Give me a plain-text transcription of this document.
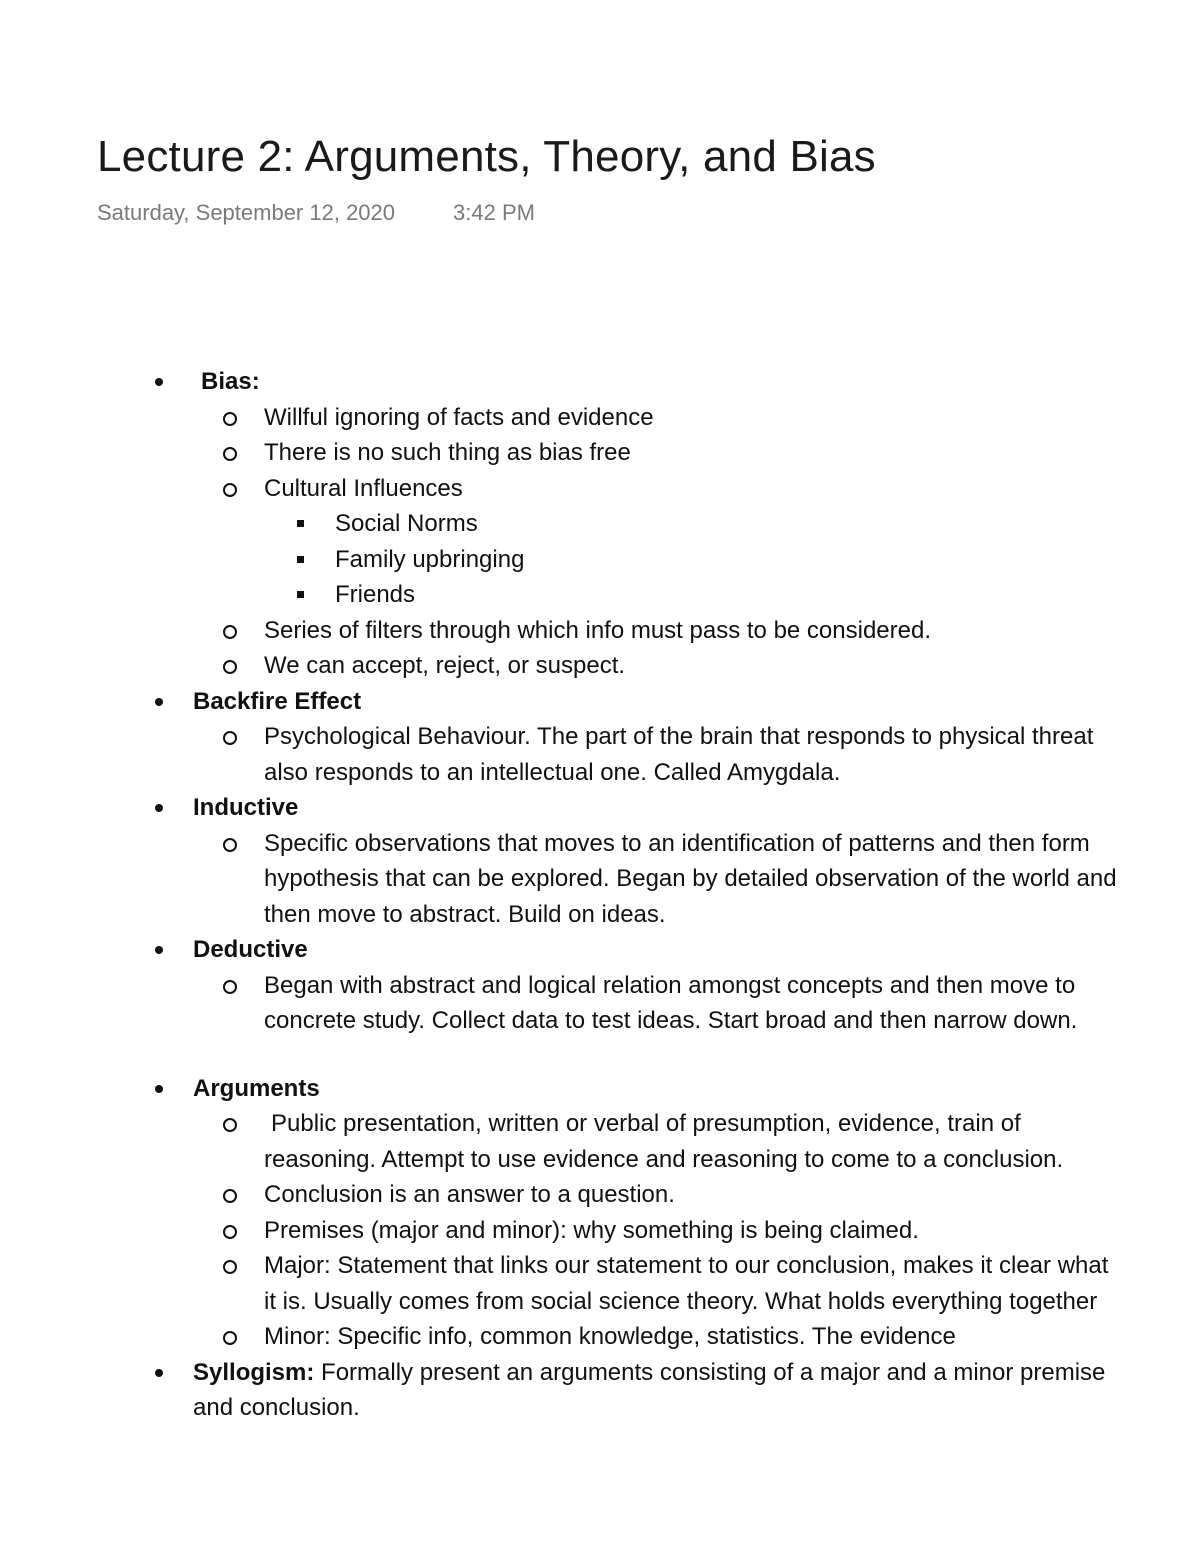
Lecture 2: Arguments, Theory, and Bias
Saturday, September 12, 2020	3:42 PM
Bias:
Willful ignoring of facts and evidence
There is no such thing as bias free
Cultural Influences
Social Norms
Family upbringing
Friends
Series of filters through which info must pass to be considered.
We can accept, reject, or suspect.
Backfire Effect
Psychological Behaviour. The part of the brain that responds to physical threat
also responds to an intellectual one. Called Amygdala.
Inductive
Specific observations that moves to an identification of patterns and then form
hypothesis that can be explored. Began by detailed observation of the world and
then move to abstract. Build on ideas.
Deductive
Began with abstract and logical relation amongst concepts and then move to
concrete study. Collect data to test ideas. Start broad and then narrow down.
Arguments
Public presentation, written or verbal of presumption, evidence, train of
reasoning. Attempt to use evidence and reasoning to come to a conclusion.
Conclusion is an answer to a question.
Premises (major and minor): why something is being claimed.
Major: Statement that links our statement to our conclusion, makes it clear what
it is. Usually comes from social science theory. What holds everything together
Minor: Specific info, common knowledge, statistics. The evidence
Syllogism: Formally present an arguments consisting of a major and a minor premise
and conclusion.
